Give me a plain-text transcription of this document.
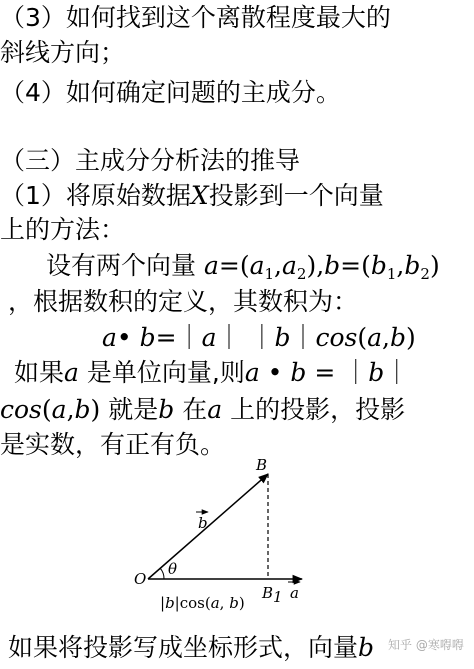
（3）如何找到这个离散程度最大的
斜线方向；
（4）如何确定问题的主成分。
（三）主成分分析法的推导
（1）将原始数据X投影到一个向量
上的方法：
设有两个向量 $a=(a_1,a_2),b=(b_1,b_2)$
，根据数积的定义，其数积为：
a• b=｜a｜ ｜b｜cos(a,b)
如果a 是单位向量,则a • b = ｜b｜
cos(a,b) 就是b 在a 上的投影，投影
是实数，有正有负。
B
O
θ
B1
b
a
|b|cos(a, b)
如果将投影写成坐标形式，向量b 知乎 @寒嘚嘚
